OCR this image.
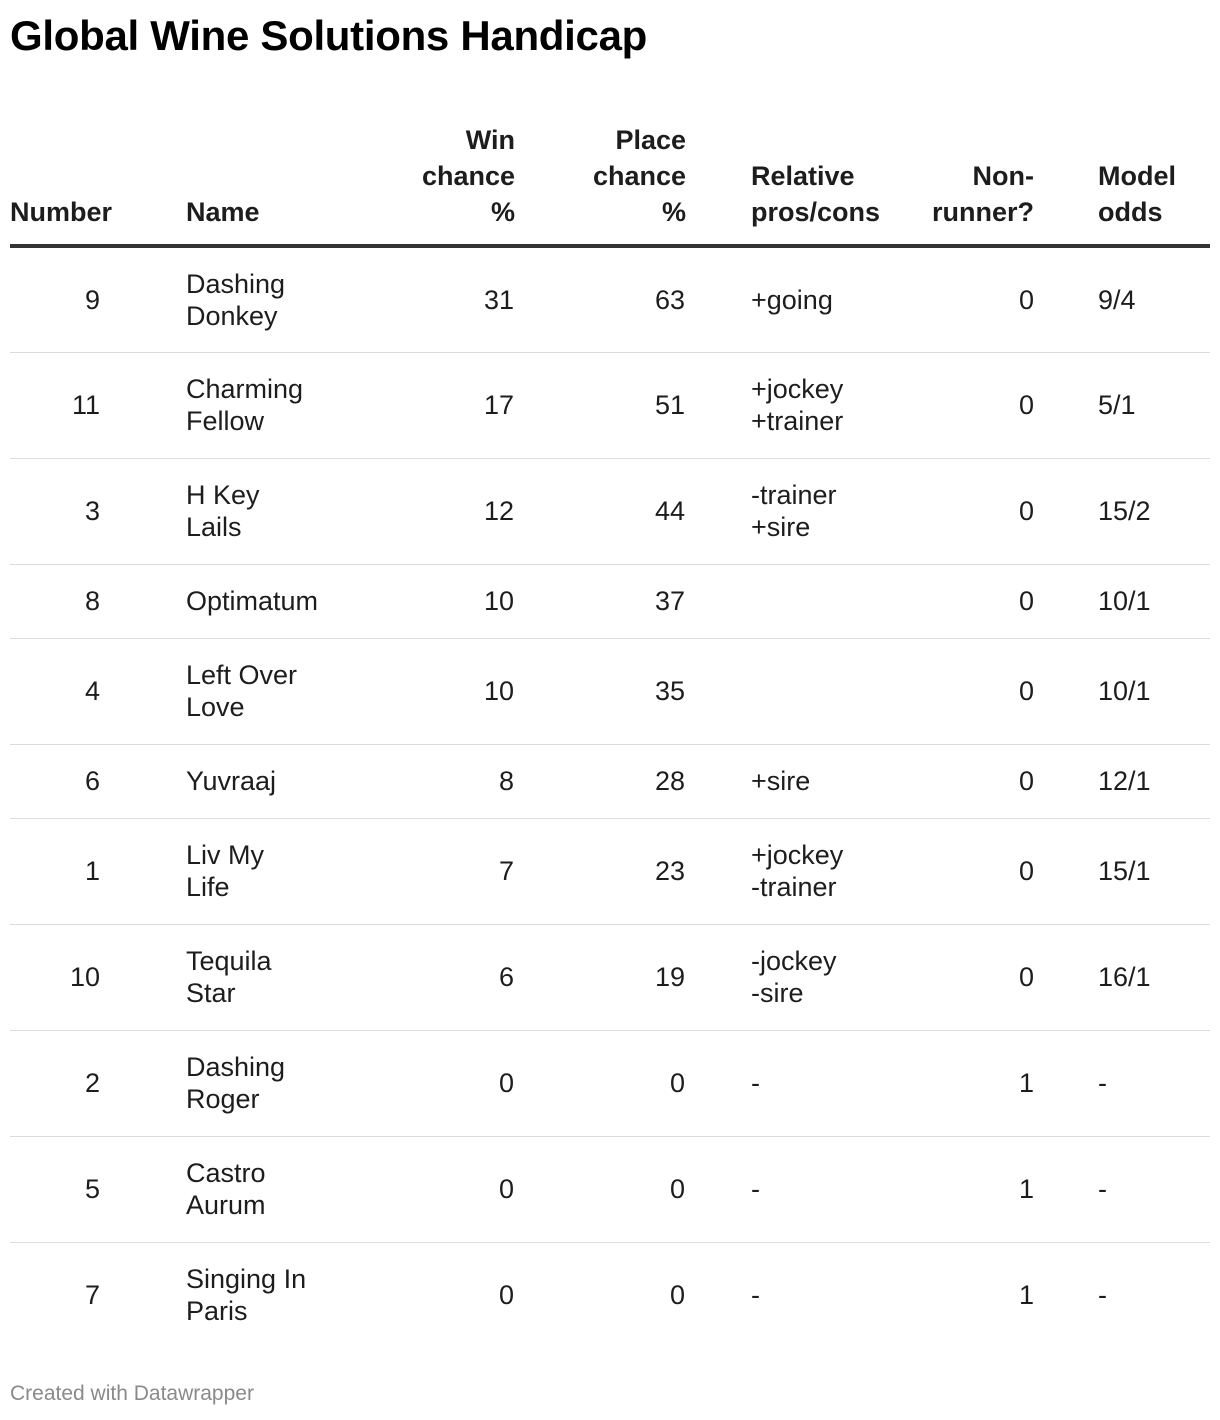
Global Wine Solutions Handicap
Number	Name	Win
chance
%	Place
chance
%	Relative
pros/cons	Non-
runner?	Model
odds
9	Dashing
Donkey	31	63	+going	0	9/4
11	Charming
Fellow	17	51	+jockey
+trainer	0	5/1
3	H Key Lails	12	44	-trainer
+sire	0	15/2
8	Optimatum	10	37		0	10/1
4	Left Over
Love	10	35		0	10/1
6	Yuvraaj	8	28	+sire	0	12/1
1	Liv My Life	7	23	+jockey
-trainer	0	15/1
10	Tequila
Star	6	19	-jockey
-sire	0	16/1
2	Dashing
Roger	0	0	-	1	-
5	Castro
Aurum	0	0	-	1	-
7	Singing In
Paris	0	0	-	1	-
Created with Datawrapper
